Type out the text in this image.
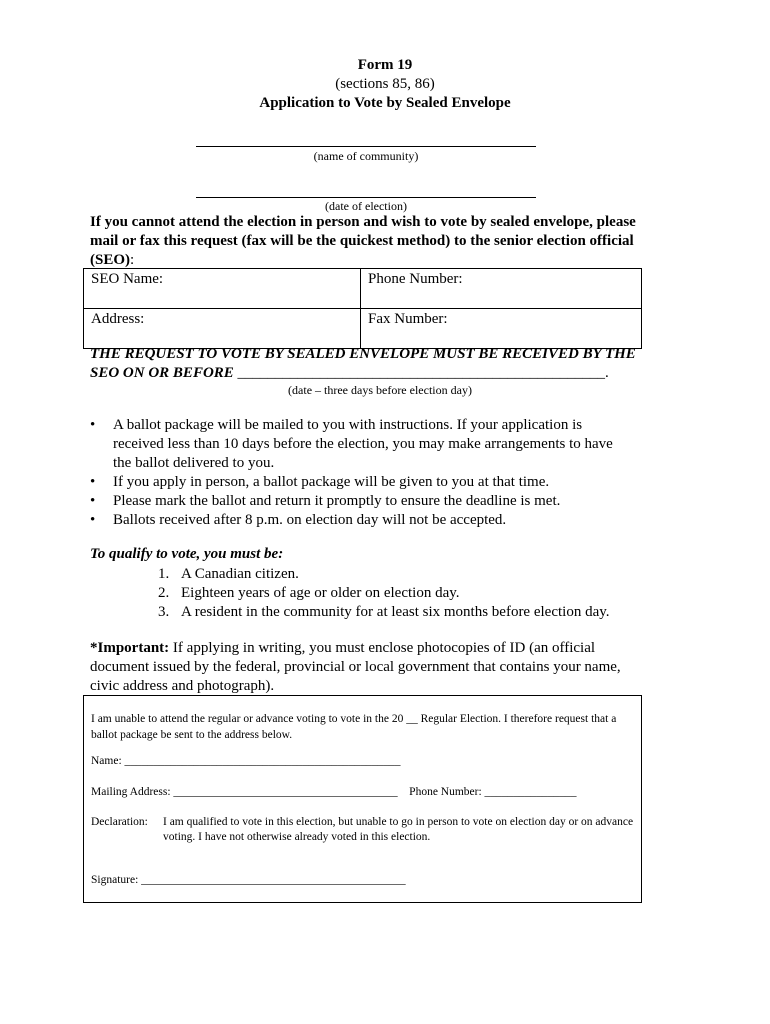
Form 19
(sections 85, 86)
Application to Vote by Sealed Envelope
(name of community)
(date of election)
If you cannot attend the election in person and wish to vote by sealed envelope, please mail or fax this request (fax will be the quickest method) to the senior election official (SEO):
SEO Name:	Phone Number:
Address:	Fax Number:
THE REQUEST TO VOTE BY SEALED ENVELOPE MUST BE RECEIVED BY THE SEO ON OR BEFORE _________________________________________________.
(date – three days before election day)
• A ballot package will be mailed to you with instructions. If your application is received less than 10 days before the election, you may make arrangements to have the ballot delivered to you.
• If you apply in person, a ballot package will be given to you at that time.
• Please mark the ballot and return it promptly to ensure the deadline is met.
• Ballots received after 8 p.m. on election day will not be accepted.
To qualify to vote, you must be:
1. A Canadian citizen.
2. Eighteen years of age or older on election day.
3. A resident in the community for at least six months before election day.
*Important: If applying in writing, you must enclose photocopies of ID (an official document issued by the federal, provincial or local government that contains your name, civic address and photograph).
I am unable to attend the regular or advance voting to vote in the 20 __ Regular Election. I therefore request that a ballot package be sent to the address below.
Name: ________________________________________________
Mailing Address: _______________________________________ Phone Number: ________________
Declaration: I am qualified to vote in this election, but unable to go in person to vote on election day or on advance voting. I have not otherwise already voted in this election.
Signature: ______________________________________________
